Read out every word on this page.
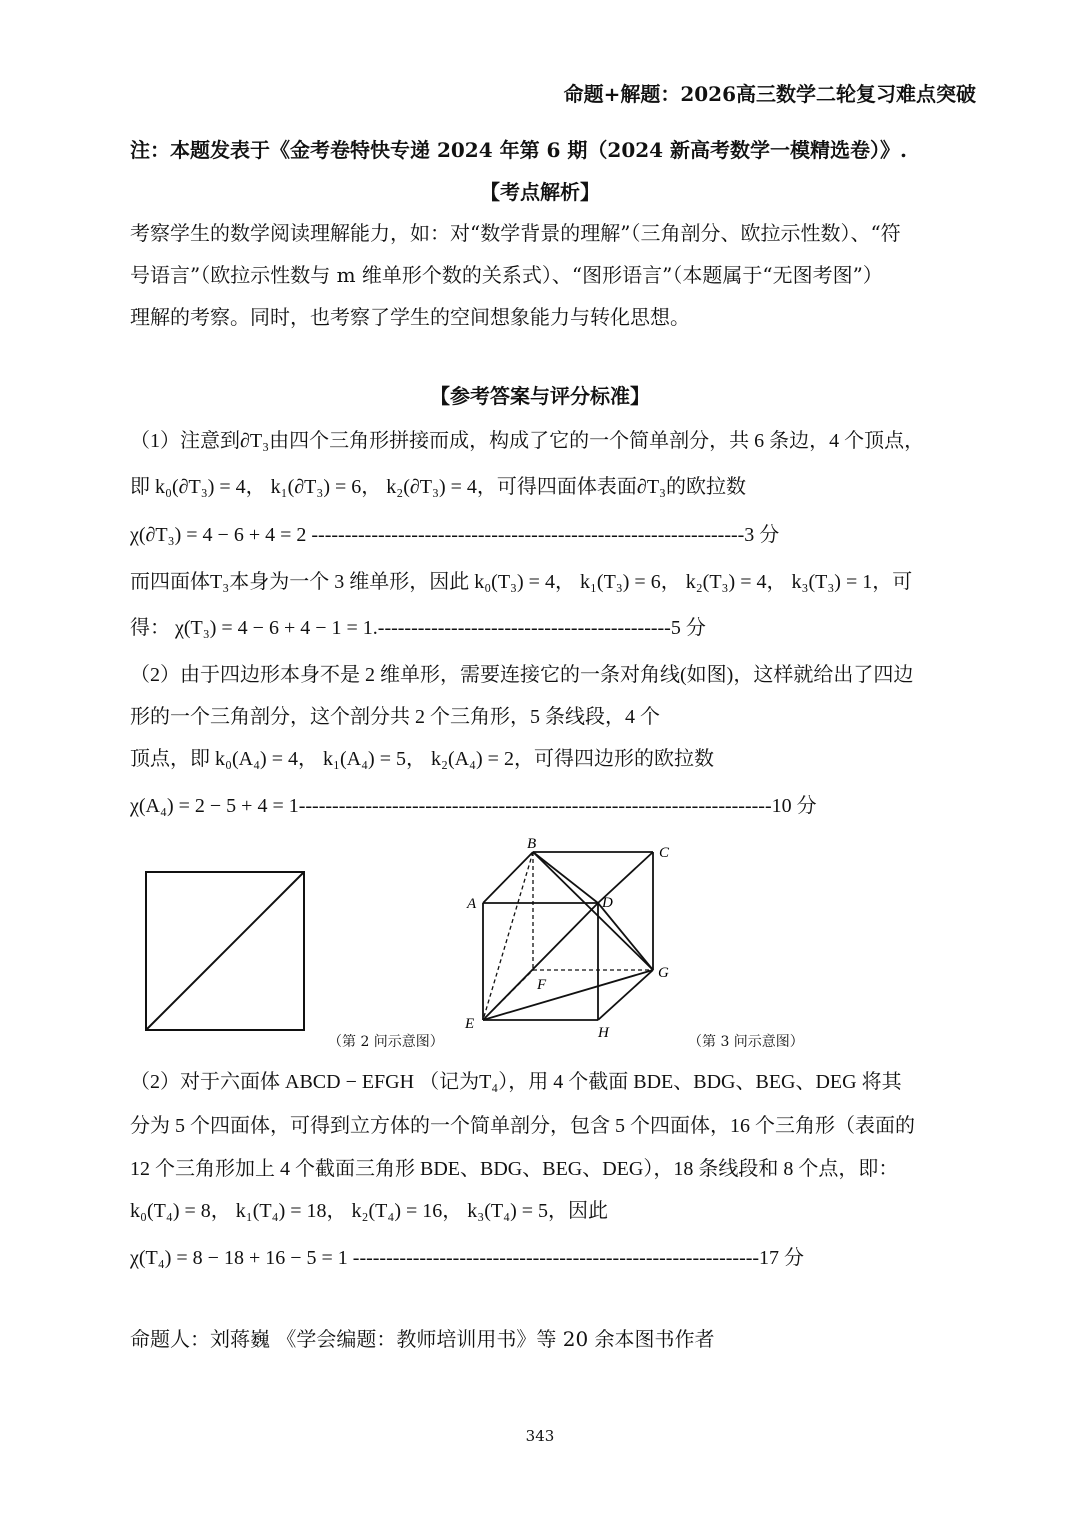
命题+解题：2026高三数学二轮复习难点突破
注：本题发表于《金考卷特快专递 2024 年第 6 期（2024 新高考数学一模精选卷）》.
【考点解析】
考察学生的数学阅读理解能力，如：对“数学背景的理解”（三角剖分、欧拉示性数）、“符
号语言”（欧拉示性数与 m 维单形个数的关系式）、“图形语言”（本题属于“无图考图”）
理解的考察。同时，也考察了学生的空间想象能力与转化思想。
【参考答案与评分标准】
（1）注意到∂T₃由四个三角形拼接而成，构成了它的一个简单剖分，共 6 条边，4 个顶点，
即 k₀(∂T₃) = 4， k₁(∂T₃) = 6， k₂(∂T₃) = 4，可得四面体表面∂T₃的欧拉数
χ(∂T₃) = 4 − 6 + 4 = 2 -----------------------------------------------------------------3 分
而四面体T₃本身为一个 3 维单形，因此 k₀(T₃) = 4， k₁(T₃) = 6， k₂(T₃) = 4， k₃(T₃) = 1，可
得： χ(T₃) = 4 − 6 + 4 − 1 = 1.--------------------------------------------5 分
（2）由于四边形本身不是 2 维单形，需要连接它的一条对角线(如图)，这样就给出了四边
形的一个三角剖分，这个剖分共 2 个三角形，5 条线段，4 个
顶点，即 k₀(A₄) = 4， k₁(A₄) = 5， k₂(A₄) = 2，可得四边形的欧拉数
χ(A₄) = 2 − 5 + 4 = 1-----------------------------------------------------------------------10 分
（第 2 问示意图）
B
C
A	D
G
F
E
H
（第 3 问示意图）
（2）对于六面体 ABCD − EFGH （记为T₄），用 4 个截面 BDE、BDG、BEG、DEG 将其
分为 5 个四面体，可得到立方体的一个简单剖分，包含 5 个四面体，16 个三角形（表面的
12 个三角形加上 4 个截面三角形 BDE、BDG、BEG、DEG），18 条线段和 8 个点，即：
k₀(T₄) = 8， k₁(T₄) = 18， k₂(T₄) = 16， k₃(T₄) = 5，因此
χ(T₄) = 8 − 18 + 16 − 5 = 1 -------------------------------------------------------------17 分
命题人：刘蒋巍 《学会编题：教师培训用书》等 20 余本图书作者
343
